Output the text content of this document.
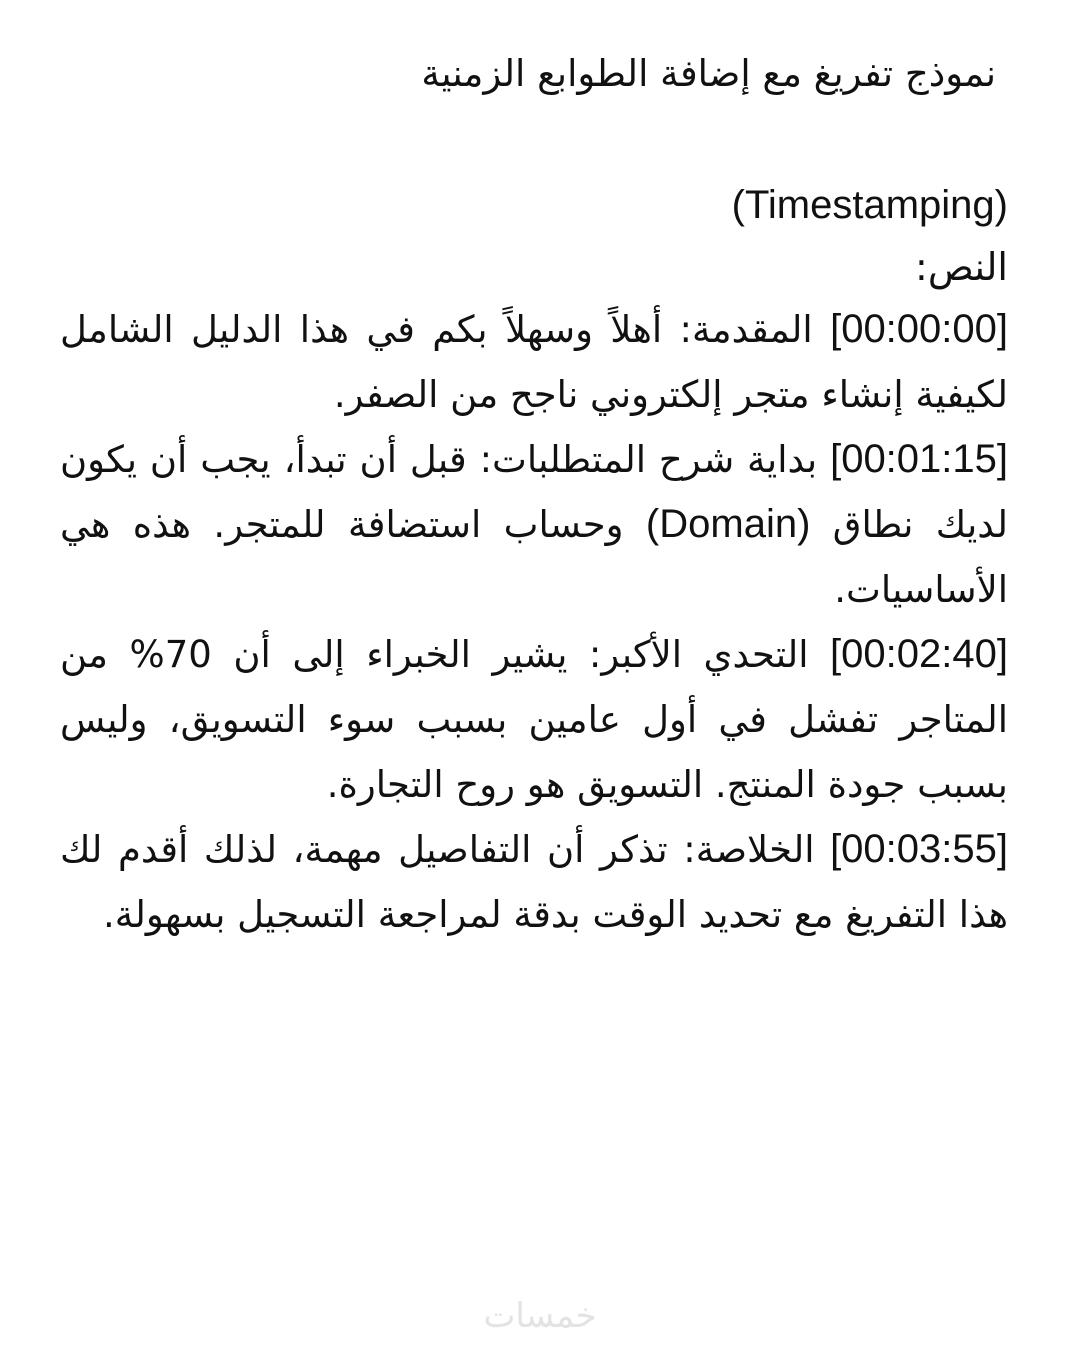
نموذج تفريغ مع إضافة الطوابع الزمنية

(Timestamping)

النص:

[00:00:00] المقدمة: أهلاً وسهلاً بكم في هذا الدليل الشامل لكيفية إنشاء متجر إلكتروني ناجح من الصفر.

[00:01:15] بداية شرح المتطلبات: قبل أن تبدأ، يجب أن يكون لديك نطاق (Domain) وحساب استضافة للمتجر. هذه هي الأساسيات.

[00:02:40] التحدي الأكبر: يشير الخبراء إلى أن 70% من المتاجر تفشل في أول عامين بسبب سوء التسويق، وليس بسبب جودة المنتج. التسويق هو روح التجارة.

[00:03:55] الخلاصة: تذكر أن التفاصيل مهمة، لذلك أقدم لك هذا التفريغ مع تحديد الوقت بدقة لمراجعة التسجيل بسهولة.

خمسات
